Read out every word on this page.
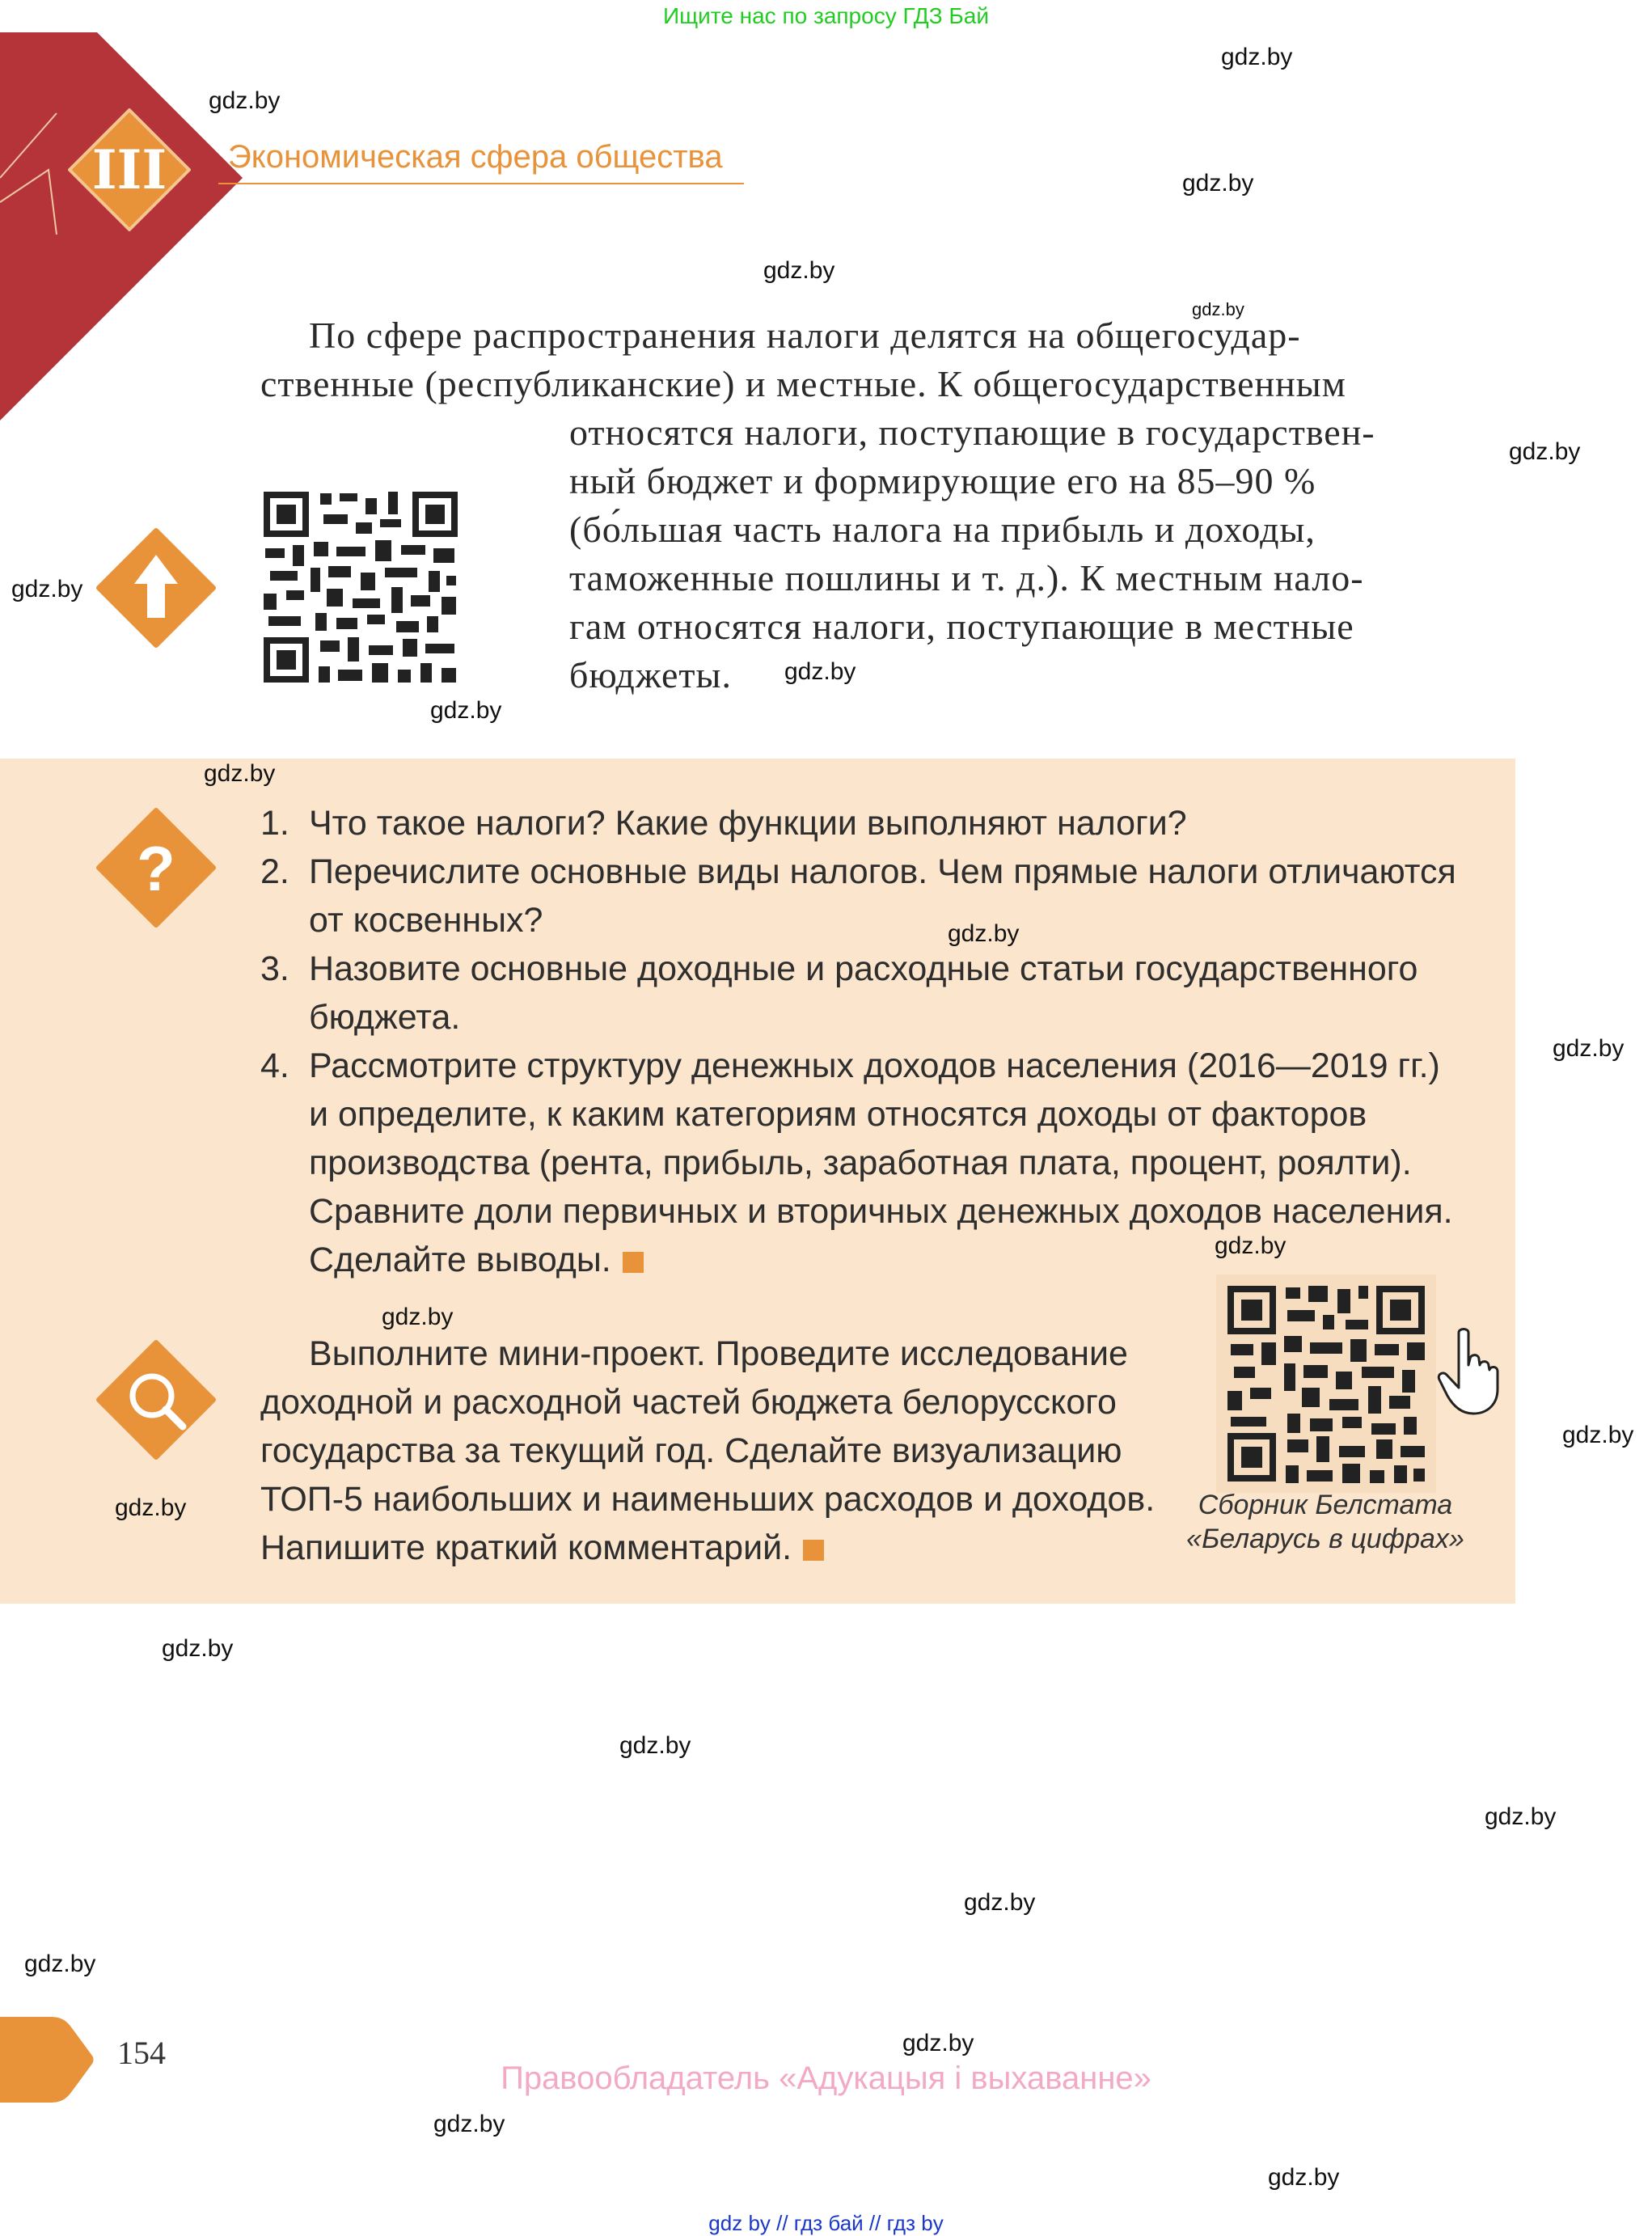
Ищите нас по запросу ГДЗ Бай
III	Экономическая сфера общества
По сфере распространения налоги делятся на общегосудар-
ственные (республиканские) и местные. К общегосударственным
относятся налоги, поступающие в государствен-
ный бюджет и формирующие его на 85–90 %
(бо́льшая часть налога на прибыль и доходы,
таможенные пошлины и т. д.). К местным нало-
гам относятся налоги, поступающие в местные
бюджеты.
?
1. Что такое налоги? Какие функции выполняют налоги?
2. Перечислите основные виды налогов. Чем прямые налоги отличаются
от косвенных?
3. Назовите основные доходные и расходные статьи государственного
бюджета.
4. Рассмотрите структуру денежных доходов населения (2016—2019 гг.)
и определите, к каким категориям относятся доходы от факторов
производства (рента, прибыль, заработная плата, процент, роялти).
Сравните доли первичных и вторичных денежных доходов населения.
Сделайте выводы.
Выполните мини-проект. Проведите исследование
доходной и расходной частей бюджета белорусского
государства за текущий год. Сделайте визуализацию
ТОП-5 наибольших и наименьших расходов и доходов.
Напишите краткий комментарий.
Сборник Белстата
«Беларусь в цифрах»
154
Правообладатель «Адукацыя і выхаванне»
gdz by // гдз бай // гдз by
gdz.by
gdz.by
gdz.by
gdz.by
gdz.by
gdz.by
gdz.by
gdz.by
gdz.by
gdz.by
gdz.by
gdz.by
gdz.by
gdz.by
gdz.by
gdz.by
gdz.by
gdz.by
gdz.by
gdz.by
gdz.by
gdz.by
gdz.by
gdz.by
